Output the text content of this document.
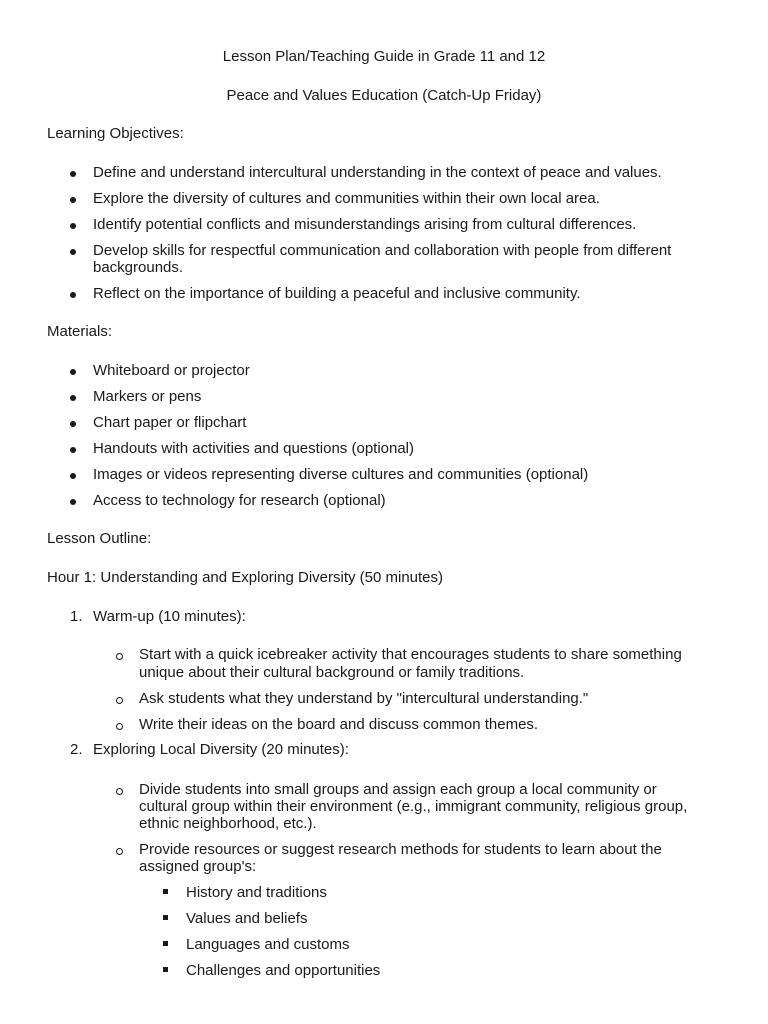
Lesson Plan/Teaching Guide in Grade 11 and 12
Peace and Values Education (Catch-Up Friday)
Learning Objectives:
Define and understand intercultural understanding in the context of peace and values.
Explore the diversity of cultures and communities within their own local area.
Identify potential conflicts and misunderstandings arising from cultural differences.
Develop skills for respectful communication and collaboration with people from different
backgrounds.
Reflect on the importance of building a peaceful and inclusive community.
Materials:
Whiteboard or projector
Markers or pens
Chart paper or flipchart
Handouts with activities and questions (optional)
Images or videos representing diverse cultures and communities (optional)
Access to technology for research (optional)
Lesson Outline:
Hour 1: Understanding and Exploring Diversity (50 minutes)
1. Warm-up (10 minutes):
Start with a quick icebreaker activity that encourages students to share something
unique about their cultural background or family traditions.
Ask students what they understand by "intercultural understanding."
Write their ideas on the board and discuss common themes.
2. Exploring Local Diversity (20 minutes):
Divide students into small groups and assign each group a local community or
cultural group within their environment (e.g., immigrant community, religious group,
ethnic neighborhood, etc.).
Provide resources or suggest research methods for students to learn about the
assigned group's:
History and traditions
Values and beliefs
Languages and customs
Challenges and opportunities
